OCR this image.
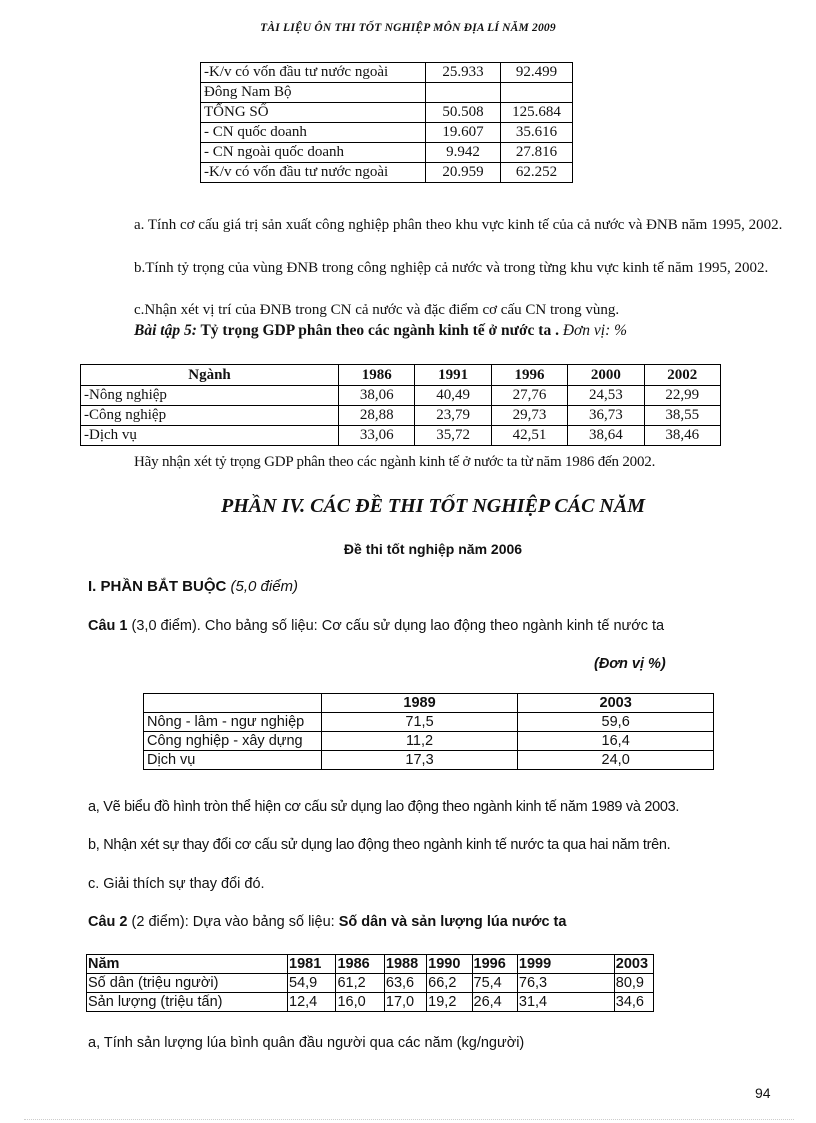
TÀI LIỆU ÔN THI TỐT NGHIỆP MÔN ĐỊA LÍ NĂM 2009
-K/v có vốn đầu tư nước ngoài	25.933	92.499
Đông Nam Bộ		
TỔNG SỐ	50.508	125.684
- CN quốc doanh	19.607	35.616
- CN ngoài quốc doanh	9.942	27.816
-K/v có vốn đầu tư nước ngoài	20.959	62.252
a. Tính cơ cấu giá trị sản xuất công nghiệp phân theo khu vực kinh tế của cả nước và ĐNB năm 1995, 2002.
b.Tính tỷ trọng của vùng ĐNB trong công nghiệp cả nước và trong từng khu vực kinh tế năm 1995, 2002.
c.Nhận xét vị trí của ĐNB trong CN cả nước và đặc điểm cơ cấu CN trong vùng.
Bài tập 5: Tỷ trọng GDP phân theo các ngành kinh tế ở nước ta . Đơn vị: %
Ngành	1986	1991	1996	2000	2002
-Nông nghiệp	38,06	40,49	27,76	24,53	22,99
-Công nghiệp	28,88	23,79	29,73	36,73	38,55
-Dịch vụ	33,06	35,72	42,51	38,64	38,46
Hãy nhận xét tỷ trọng GDP phân theo các ngành kinh tế ở nước ta từ năm 1986 đến 2002.
PHẦN IV. CÁC ĐỀ THI TỐT NGHIỆP CÁC NĂM
Đề thi tốt nghiệp năm 2006
I. PHẦN BẮT BUỘC (5,0 điểm)
Câu 1 (3,0 điểm). Cho bảng số liệu: Cơ cấu sử dụng lao động theo ngành kinh tế nước ta
(Đơn vị %)
	1989	2003
Nông - lâm - ngư nghiệp	71,5	59,6
Công nghiệp - xây dựng	11,2	16,4
Dịch vụ	17,3	24,0
a, Vẽ biểu đồ hình tròn thể hiện cơ cấu sử dụng lao động theo ngành kinh tế năm 1989 và 2003.
b, Nhận xét sự thay đổi cơ cấu sử dụng lao động theo ngành kinh tế nước ta qua hai năm trên.
c. Giải thích sự thay đổi đó.
Câu 2 (2 điểm): Dựa vào bảng số liệu: Số dân và sản lượng lúa nước ta
Năm	1981	1986	1988	1990	1996	1999	2003
Số dân (triệu người)	54,9	61,2	63,6	66,2	75,4	76,3	80,9
Sản lượng (triệu tấn)	12,4	16,0	17,0	19,2	26,4	31,4	34,6
a, Tính sản lượng lúa bình quân đầu người qua các năm (kg/người)
94
